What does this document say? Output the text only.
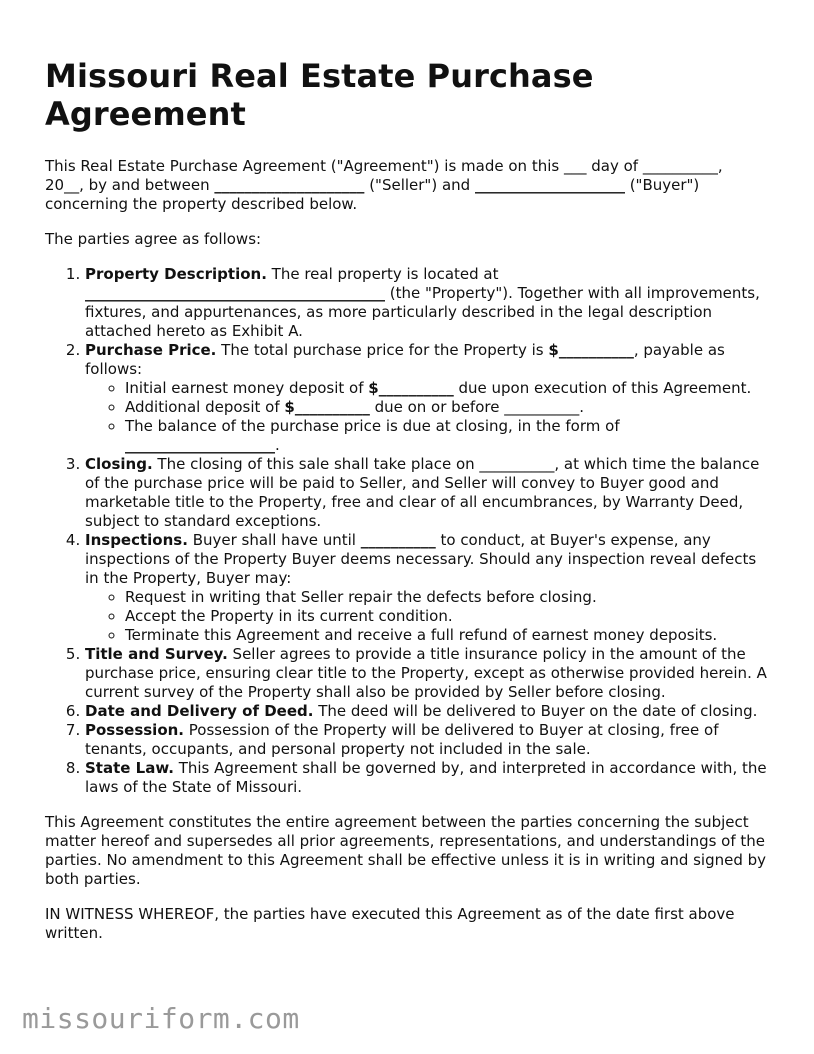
Missouri Real Estate Purchase Agreement

This Real Estate Purchase Agreement ("Agreement") is made on this ___ day of __________,
20__, by and between ____________________ ("Seller") and ____________________ ("Buyer")
concerning the property described below.

The parties agree as follows:

1. Property Description. The real property is located at
________________________________________ (the "Property"). Together with all improvements, fixtures, and appurtenances, as more particularly described in the legal description attached hereto as Exhibit A.
2. Purchase Price. The total purchase price for the Property is $__________, payable as follows:
◦ Initial earnest money deposit of $__________ due upon execution of this Agreement.
◦ Additional deposit of $__________ due on or before __________.
◦ The balance of the purchase price is due at closing, in the form of
____________________.
3. Closing. The closing of this sale shall take place on __________, at which time the balance of the purchase price will be paid to Seller, and Seller will convey to Buyer good and marketable title to the Property, free and clear of all encumbrances, by Warranty Deed, subject to standard exceptions.
4. Inspections. Buyer shall have until __________ to conduct, at Buyer's expense, any inspections of the Property Buyer deems necessary. Should any inspection reveal defects in the Property, Buyer may:
◦ Request in writing that Seller repair the defects before closing.
◦ Accept the Property in its current condition.
◦ Terminate this Agreement and receive a full refund of earnest money deposits.
5. Title and Survey. Seller agrees to provide a title insurance policy in the amount of the purchase price, ensuring clear title to the Property, except as otherwise provided herein. A current survey of the Property shall also be provided by Seller before closing.
6. Date and Delivery of Deed. The deed will be delivered to Buyer on the date of closing.
7. Possession. Possession of the Property will be delivered to Buyer at closing, free of tenants, occupants, and personal property not included in the sale.
8. State Law. This Agreement shall be governed by, and interpreted in accordance with, the laws of the State of Missouri.

This Agreement constitutes the entire agreement between the parties concerning the subject matter hereof and supersedes all prior agreements, representations, and understandings of the parties. No amendment to this Agreement shall be effective unless it is in writing and signed by both parties.

IN WITNESS WHEREOF, the parties have executed this Agreement as of the date first above written.

missouriform.com
